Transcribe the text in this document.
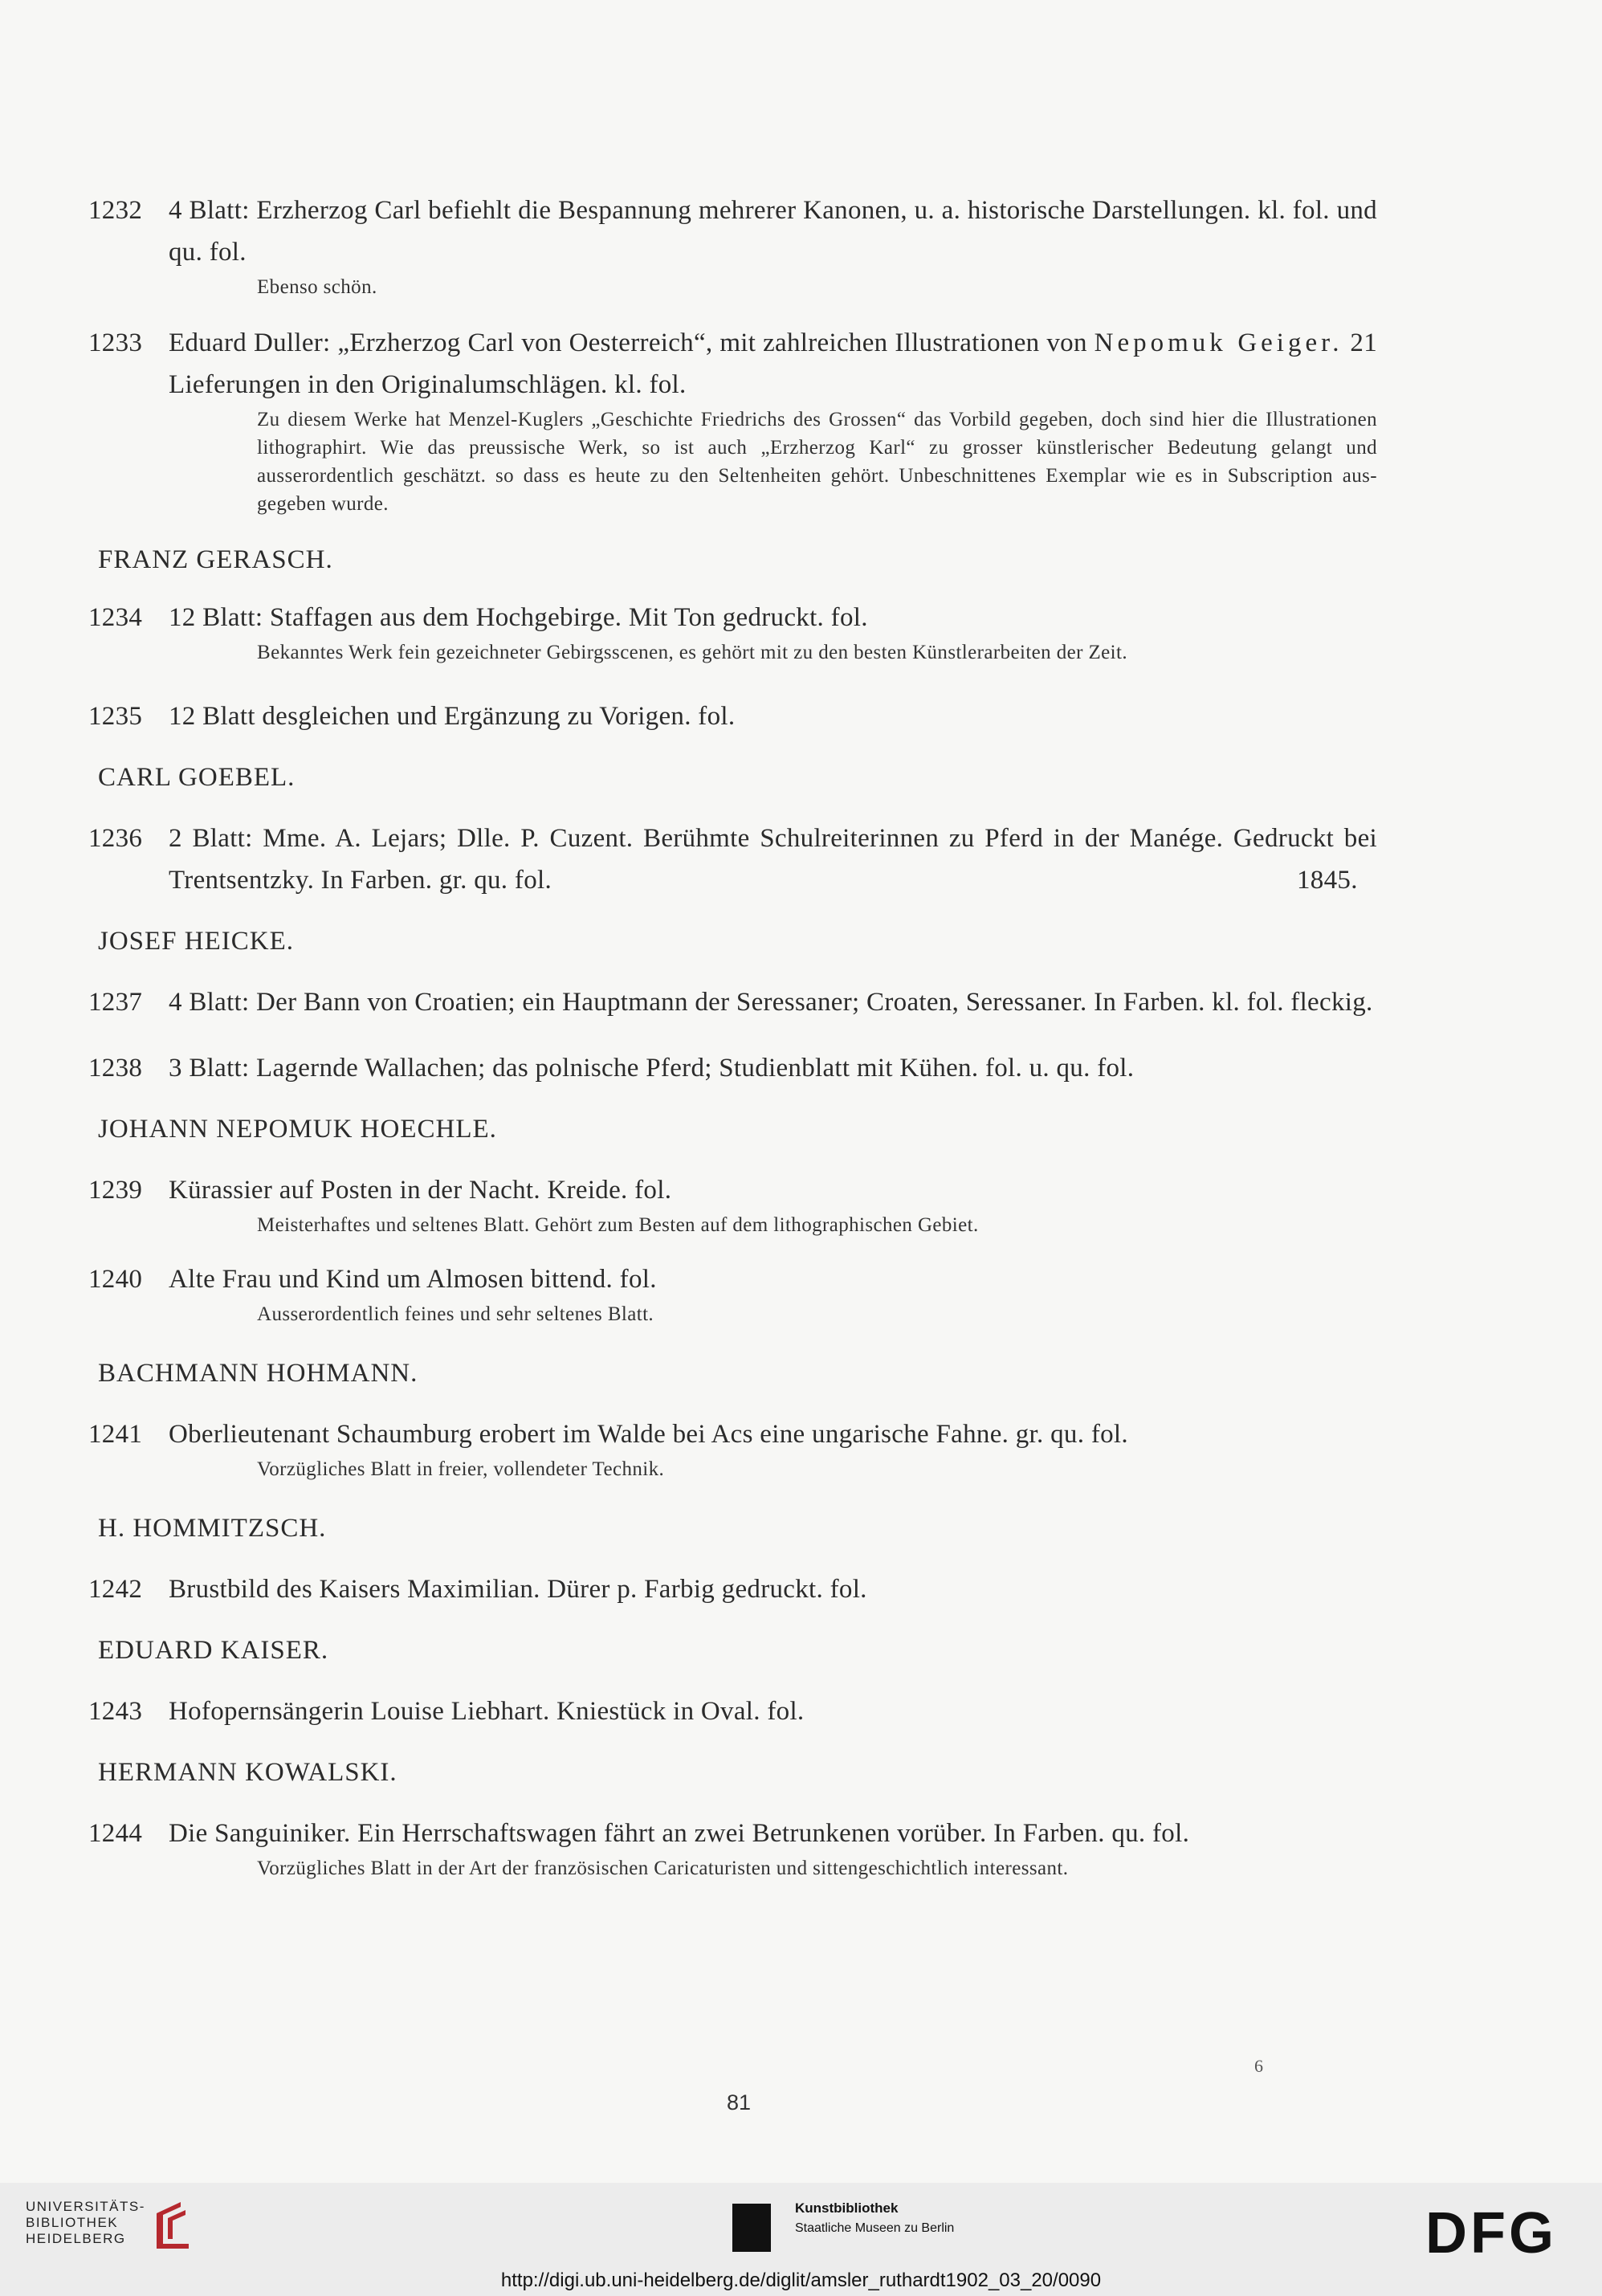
1232 4 Blatt: Erzherzog Carl befiehlt die Bespannung mehrerer Kanonen, u. a. historische Darstellungen. kl. fol. und qu. fol.
Ebenso schön.
1233 Eduard Duller: „Erzherzog Carl von Oesterreich“, mit zahlreichen Illustrationen von Nepomuk Geiger. 21 Lieferungen in den Originalumschlägen. kl. fol.
Zu diesem Werke hat Menzel-Kuglers „Geschichte Friedrichs des Grossen“ das Vorbild gegeben, doch sind hier die Illustrationen lithographirt. Wie das preussische Werk, so ist auch „Erzherzog Karl“ zu grosser künstlerischer Bedeutung gelangt und ausserordentlich geschätzt. so dass es heute zu den Seltenheiten gehört. Unbeschnittenes Exemplar wie es in Subscription aus-gegeben wurde.
FRANZ GERASCH.
1234 12 Blatt: Staffagen aus dem Hochgebirge. Mit Ton gedruckt. fol.
Bekanntes Werk fein gezeichneter Gebirgsscenen, es gehört mit zu den besten Künstlerarbeiten der Zeit.
1235 12 Blatt desgleichen und Ergänzung zu Vorigen. fol.
CARL GOEBEL.
1236 2 Blatt: Mme. A. Lejars; Dlle. P. Cuzent. Berühmte Schulreiterinnen zu Pferd in der Manége. Gedruckt bei Trentsentzky. In Farben. gr. qu. fol.	1845.
JOSEF HEICKE.
1237 4 Blatt: Der Bann von Croatien; ein Hauptmann der Seressaner; Croaten, Seressaner. In Farben. kl. fol. fleckig.
1238 3 Blatt: Lagernde Wallachen; das polnische Pferd; Studienblatt mit Kühen. fol. u. qu. fol.
JOHANN NEPOMUK HOECHLE.
1239 Kürassier auf Posten in der Nacht. Kreide. fol.
Meisterhaftes und seltenes Blatt. Gehört zum Besten auf dem lithographischen Gebiet.
1240 Alte Frau und Kind um Almosen bittend. fol.
Ausserordentlich feines und sehr seltenes Blatt.
BACHMANN HOHMANN.
1241 Oberlieutenant Schaumburg erobert im Walde bei Acs eine ungarische Fahne. gr. qu. fol.
Vorzügliches Blatt in freier, vollendeter Technik.
H. HOMMITZSCH.
1242 Brustbild des Kaisers Maximilian. Dürer p. Farbig gedruckt. fol.
EDUARD KAISER.
1243 Hofopernsängerin Louise Liebhart. Kniestück in Oval. fol.
HERMANN KOWALSKI.
1244 Die Sanguiniker. Ein Herrschaftswagen fährt an zwei Betrunkenen vorüber. In Farben. qu. fol.
Vorzügliches Blatt in der Art der französischen Caricaturisten und sittengeschichtlich interessant.
6
81
UNIVERSITÄTS-
BIBLIOTHEK
HEIDELBERG
Kunstbibliothek
Staatliche Museen zu Berlin	DFG
http://digi.ub.uni-heidelberg.de/diglit/amsler_ruthardt1902_03_20/0090
